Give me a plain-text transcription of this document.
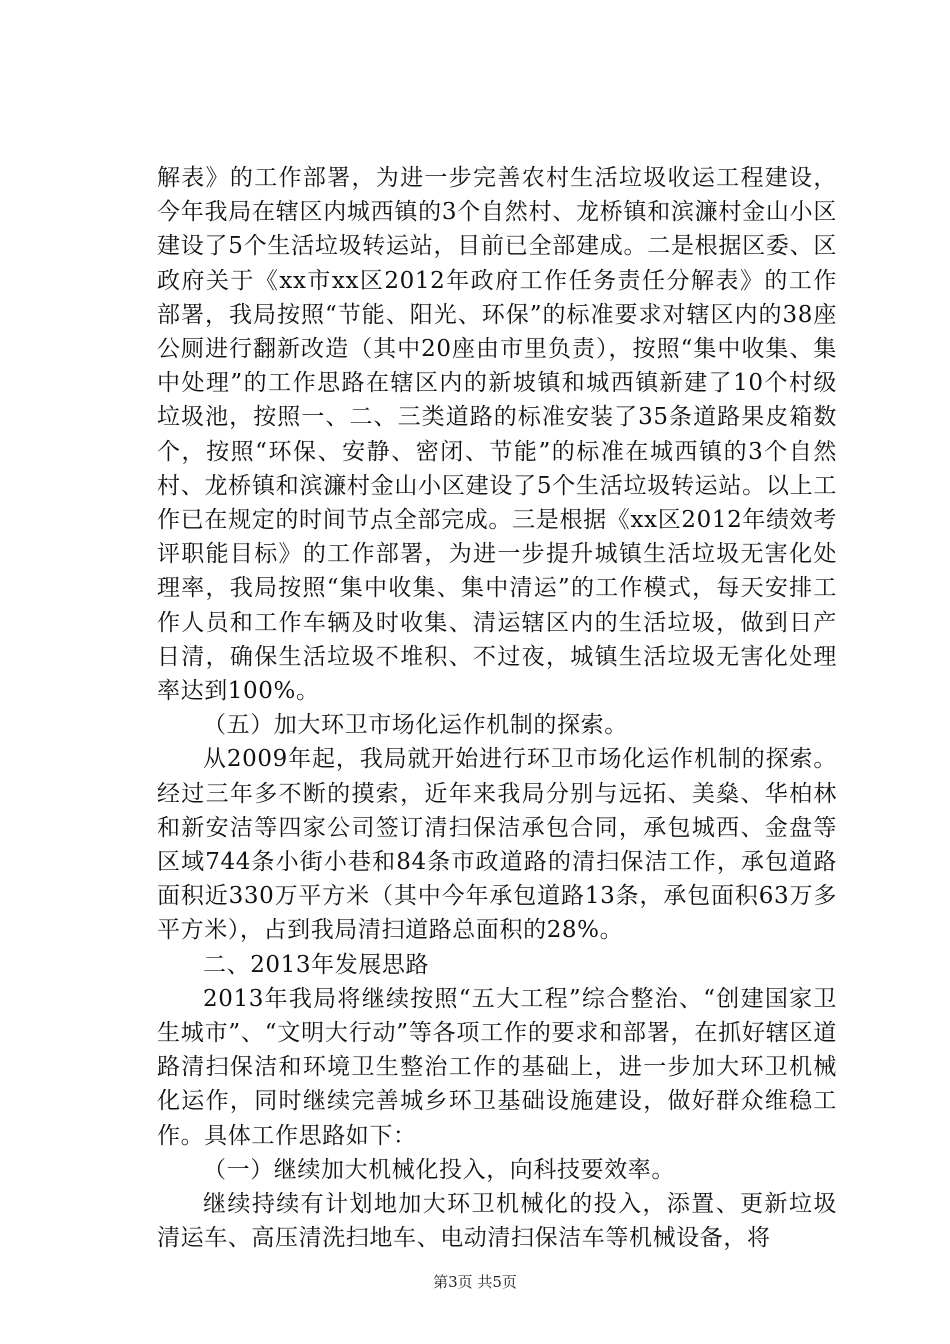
解表》的工作部署，为进一步完善农村生活垃圾收运工程建设，今年我局在辖区内城西镇的3个自然村、龙桥镇和滨濂村金山小区建设了5个生活垃圾转运站，目前已全部建成。二是根据区委、区政府关于《xx市xx区2012年政府工作任务责任分解表》的工作部署，我局按照“节能、阳光、环保”的标准要求对辖区内的38座公厕进行翻新改造（其中20座由市里负责），按照“集中收集、集中处理”的工作思路在辖区内的新坡镇和城西镇新建了10个村级垃圾池，按照一、二、三类道路的标准安装了35条道路果皮箱数个，按照“环保、安静、密闭、节能”的标准在城西镇的3个自然村、龙桥镇和滨濂村金山小区建设了5个生活垃圾转运站。以上工作已在规定的时间节点全部完成。三是根据《xx区2012年绩效考评职能目标》的工作部署，为进一步提升城镇生活垃圾无害化处理率，我局按照“集中收集、集中清运”的工作模式，每天安排工作人员和工作车辆及时收集、清运辖区内的生活垃圾，做到日产日清，确保生活垃圾不堆积、不过夜，城镇生活垃圾无害化处理率达到100%。

（五）加大环卫市场化运作机制的探索。

从2009年起，我局就开始进行环卫市场化运作机制的探索。经过三年多不断的摸索，近年来我局分别与远拓、美燊、华柏林和新安洁等四家公司签订清扫保洁承包合同，承包城西、金盘等区域744条小街小巷和84条市政道路的清扫保洁工作，承包道路面积近330万平方米（其中今年承包道路13条，承包面积63万多平方米），占到我局清扫道路总面积的28%。

二、2013年发展思路

2013年我局将继续按照“五大工程”综合整治、“创建国家卫生城市”、“文明大行动”等各项工作的要求和部署，在抓好辖区道路清扫保洁和环境卫生整治工作的基础上，进一步加大环卫机械化运作，同时继续完善城乡环卫基础设施建设，做好群众维稳工作。具体工作思路如下：

（一）继续加大机械化投入，向科技要效率。

继续持续有计划地加大环卫机械化的投入，添置、更新垃圾清运车、高压清洗扫地车、电动清扫保洁车等机械设备，将

第3页 共5页
